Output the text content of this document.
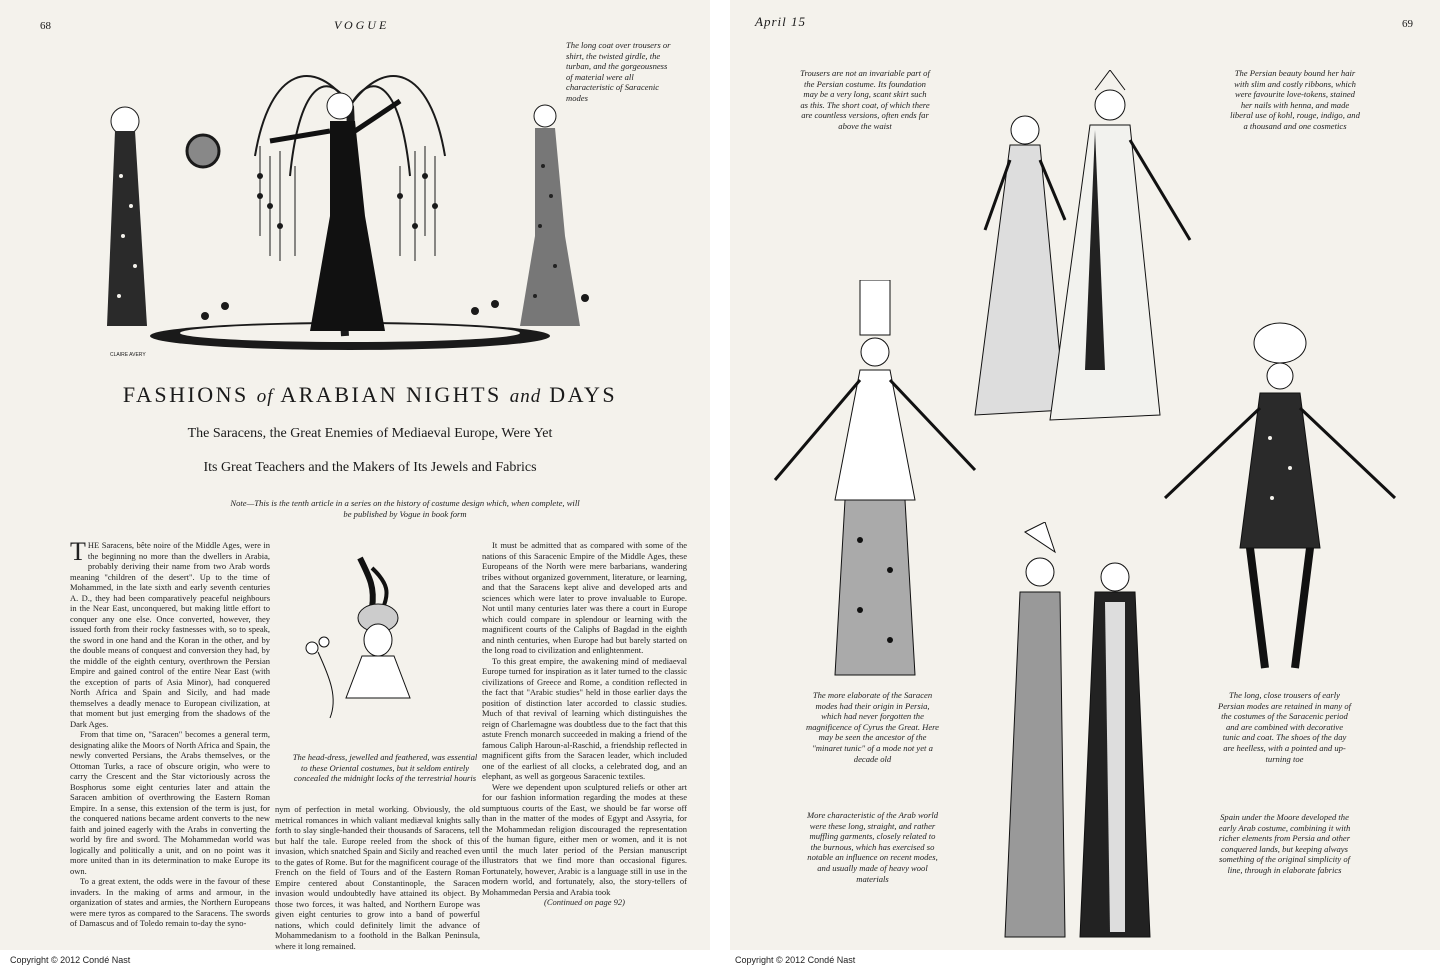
68	VOGUE
The long coat over trousers or shirt, the twisted girdle, the turban, and the gorgeousness of material were all characteristic of Saracenic modes
CLAIRE AVERY
FASHIONS of ARABIAN NIGHTS and DAYS
The Saracens, the Great Enemies of Mediaeval Europe, Were Yet
Its Great Teachers and the Makers of Its Jewels and Fabrics
Note—This is the tenth article in a series on the history of costume design which, when complete, will be published by Vogue in book form

THE Saracens, bête noire of the Middle Ages, were in the beginning no more than the dwellers in Arabia, probably deriving their name from two Arab words meaning "children of the desert". Up to the time of Mohammed, in the late sixth and early seventh centuries A. D., they had been comparatively peaceful neighbours in the Near East, unconquered, but making little effort to conquer any one else. Once converted, however, they issued forth from their rocky fastnesses with, so to speak, the sword in one hand and the Koran in the other, and by the double means of conquest and conversion they had, by the middle of the eighth century, overthrown the Persian Empire and gained control of the entire Near East (with the exception of parts of Asia Minor), had conquered North Africa and Spain and Sicily, and had made themselves a deadly menace to European civilization, at that moment but just emerging from the shadows of the Dark Ages.

From that time on, "Saracen" becomes a general term, designating alike the Moors of North Africa and Spain, the newly converted Persians, the Arabs themselves, or the Ottoman Turks, a race of obscure origin, who were to carry the Crescent and the Star victoriously across the Bosphorus some eight centuries later and attain the Saracen ambition of overthrowing the Eastern Roman Empire. In a sense, this extension of the term is just, for the conquered nations became ardent converts to the new faith and joined eagerly with the Arabs in converting the world by fire and sword. The Mohammedan world was logically and politically a unit, and on no point was it more united than in its determination to make Europe its own.

To a great extent, the odds were in the favour of these invaders. In the making of arms and armour, in the organization of states and armies, the Northern Europeans were mere tyros as compared to the Saracens. The swords of Damascus and of Toledo remain to-day the syno-

The head-dress, jewelled and feathered, was essential to these Oriental costumes, but it seldom entirely concealed the midnight locks of the terrestrial houris

nym of perfection in metal working. Obviously, the old metrical romances in which valiant mediæval knights sally forth to slay single-handed their thousands of Saracens, tell but half the tale. Europe reeled from the shock of this invasion, which snatched Spain and Sicily and reached even to the gates of Rome. But for the magnificent courage of the French on the field of Tours and of the Eastern Roman Empire centered about Constantinople, the Saracen invasion would undoubtedly have attained its object. By those two forces, it was halted, and Northern Europe was given eight centuries to grow into a band of powerful nations, which could definitely limit the advance of Mohammedanism to a foothold in the Balkan Peninsula, where it long remained.

It must be admitted that as compared with some of the nations of this Saracenic Empire of the Middle Ages, these Europeans of the North were mere barbarians, wandering tribes without organized government, literature, or learning, and that the Saracens kept alive and developed arts and sciences which were later to prove invaluable to Europe. Not until many centuries later was there a court in Europe which could compare in splendour or learning with the magnificent courts of the Caliphs of Bagdad in the eighth and ninth centuries, when Europe had but barely started on the long road to civilization and enlightenment.

To this great empire, the awakening mind of mediaeval Europe turned for inspiration as it later turned to the classic civilizations of Greece and Rome, a condition reflected in the fact that "Arabic studies" held in those earlier days the position of distinction later accorded to classic studies. Much of that revival of learning which distinguishes the reign of Charlemagne was doubtless due to the fact that this astute French monarch succeeded in making a friend of the famous Caliph Haroun-al-Raschid, a friendship reflected in magnificent gifts from the Saracen leader, which included one of the earliest of all clocks, a celebrated dog, and an elephant, as well as gorgeous Saracenic textiles.

Were we dependent upon sculptured reliefs or other art for our fashion information regarding the modes at these sumptuous courts of the East, we should be far worse off than in the matter of the modes of Egypt and Assyria, for the Mohammedan religion discouraged the representation of the human figure, either men or women, and it is not until the much later period of the Persian manuscript illustrators that we find more than occasional figures. Fortunately, however, Arabic is a language still in use in the modern world, and fortunately, also, the story-tellers of Mohammedan Persia and Arabia took

(Continued on page 92)

April 15	69
Trousers are not an invariable part of the Persian costume. Its foundation may be a very long, scant skirt such as this. The short coat, of which there are countless versions, often ends far above the waist
The Persian beauty bound her hair with slim and costly ribbons, which were favourite love-tokens, stained her nails with henna, and made liberal use of kohl, rouge, indigo, and a thousand and one cosmetics
The more elaborate of the Saracen modes had their origin in Persia, which had never forgotten the magnificence of Cyrus the Great. Here may be seen the ancestor of the "minaret tunic" of a mode not yet a decade old
The long, close trousers of early Persian modes are retained in many of the costumes of the Saracenic period and are combined with decorative tunic and coat. The shoes of the day are heelless, with a pointed and up-turning toe
More characteristic of the Arab world were these long, straight, and rather muffling garments, closely related to the burnous, which has exercised so notable an influence on recent modes, and usually made of heavy wool materials
Spain under the Moore developed the early Arab costume, combining it with richer elements from Persia and other conquered lands, but keeping always something of the original simplicity of line, through in elaborate fabrics
Copyright © 2012 Condé Nast	Copyright © 2012 Condé Nast
